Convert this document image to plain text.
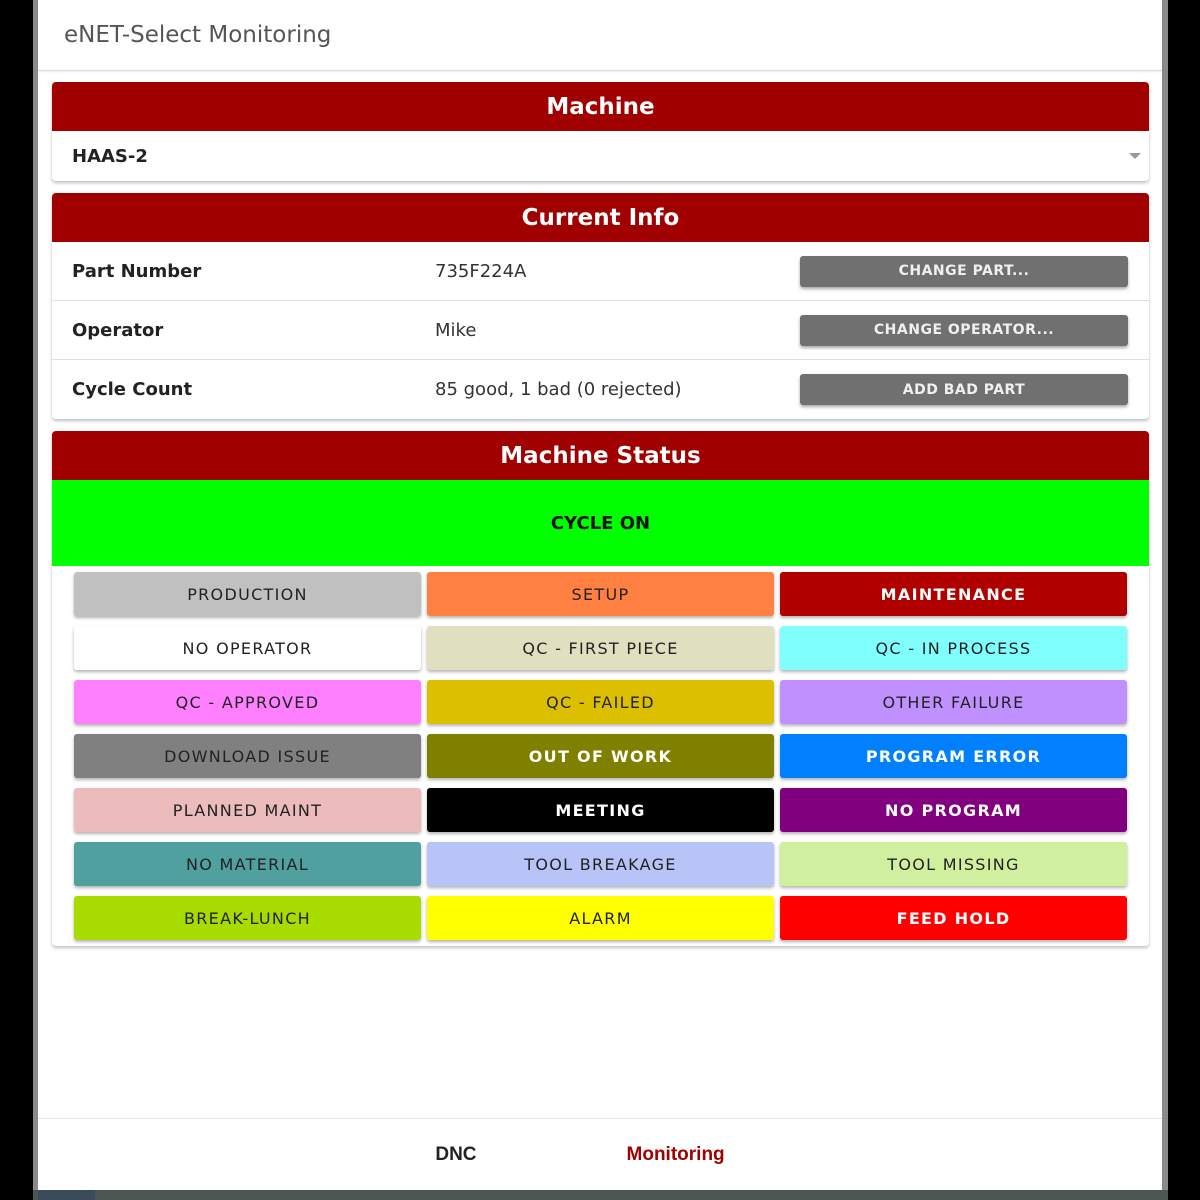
eNET-Select Monitoring
Machine
HAAS-2
Current Info
Part Number	735F224A	CHANGE PART...
Operator	Mike	CHANGE OPERATOR...
Cycle Count	85 good, 1 bad (0 rejected)	ADD BAD PART
Machine Status
CYCLE ON
PRODUCTION	SETUP	MAINTENANCE
NO OPERATOR	QC - FIRST PIECE	QC - IN PROCESS
QC - APPROVED	QC - FAILED	OTHER FAILURE
DOWNLOAD ISSUE	OUT OF WORK	PROGRAM ERROR
PLANNED MAINT	MEETING	NO PROGRAM
NO MATERIAL	TOOL BREAKAGE	TOOL MISSING
BREAK-LUNCH	ALARM	FEED HOLD
DNC	Monitoring
